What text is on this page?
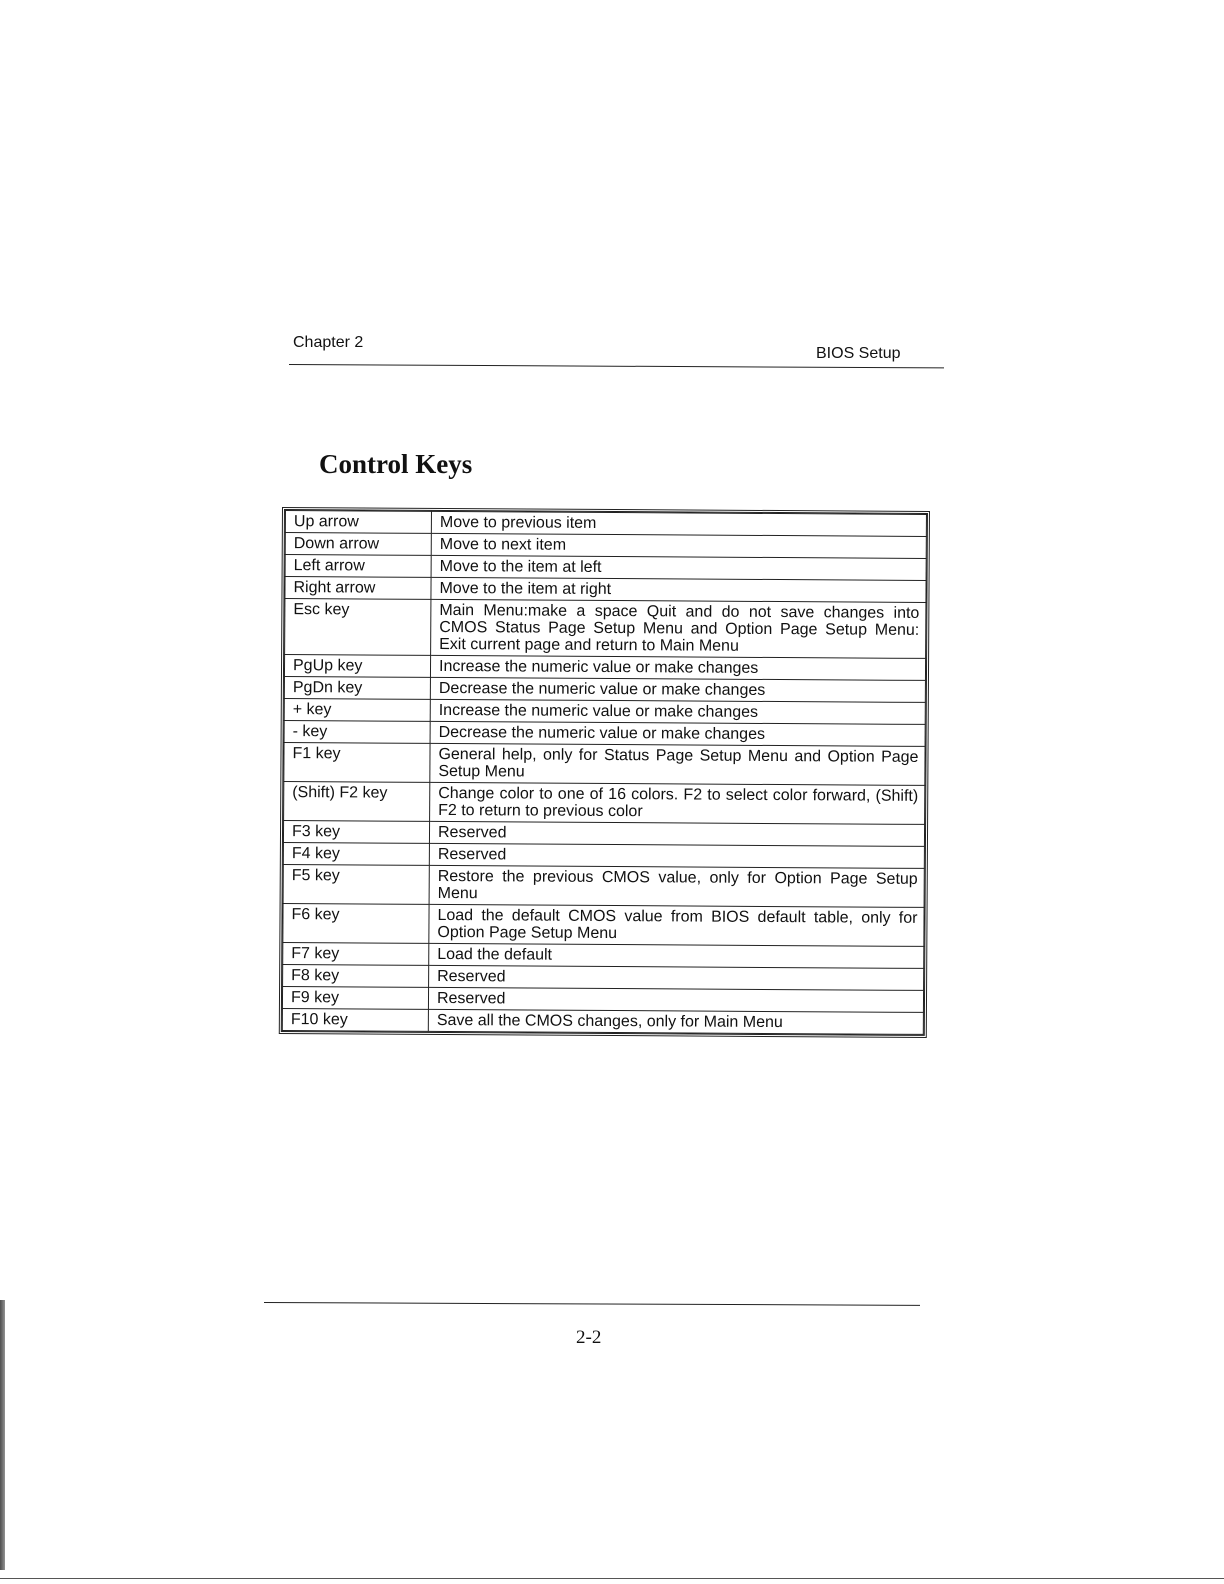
Chapter 2
BIOS Setup
Control Keys
Up arrow	Move to previous item
Down arrow	Move to next item
Left arrow	Move to the item at left
Right arrow	Move to the item at right
Esc key	Main Menu:make a space Quit and do not save changes into CMOS Status Page Setup Menu and Option Page Setup Menu: Exit current page and return to Main Menu
PgUp key	Increase the numeric value or make changes
PgDn key	Decrease the numeric value or make changes
+ key	Increase the numeric value or make changes
- key	Decrease the numeric value or make changes
F1 key	General help, only for Status Page Setup Menu and Option Page Setup Menu
(Shift) F2 key	Change color to one of 16 colors. F2 to select color forward, (Shift) F2 to return to previous color
F3 key	Reserved
F4 key	Reserved
F5 key	Restore the previous CMOS value, only for Option Page Setup Menu
F6 key	Load the default CMOS value from BIOS default table, only for Option Page Setup Menu
F7 key	Load the default
F8 key	Reserved
F9 key	Reserved
F10 key	Save all the CMOS changes, only for Main Menu
2-2
